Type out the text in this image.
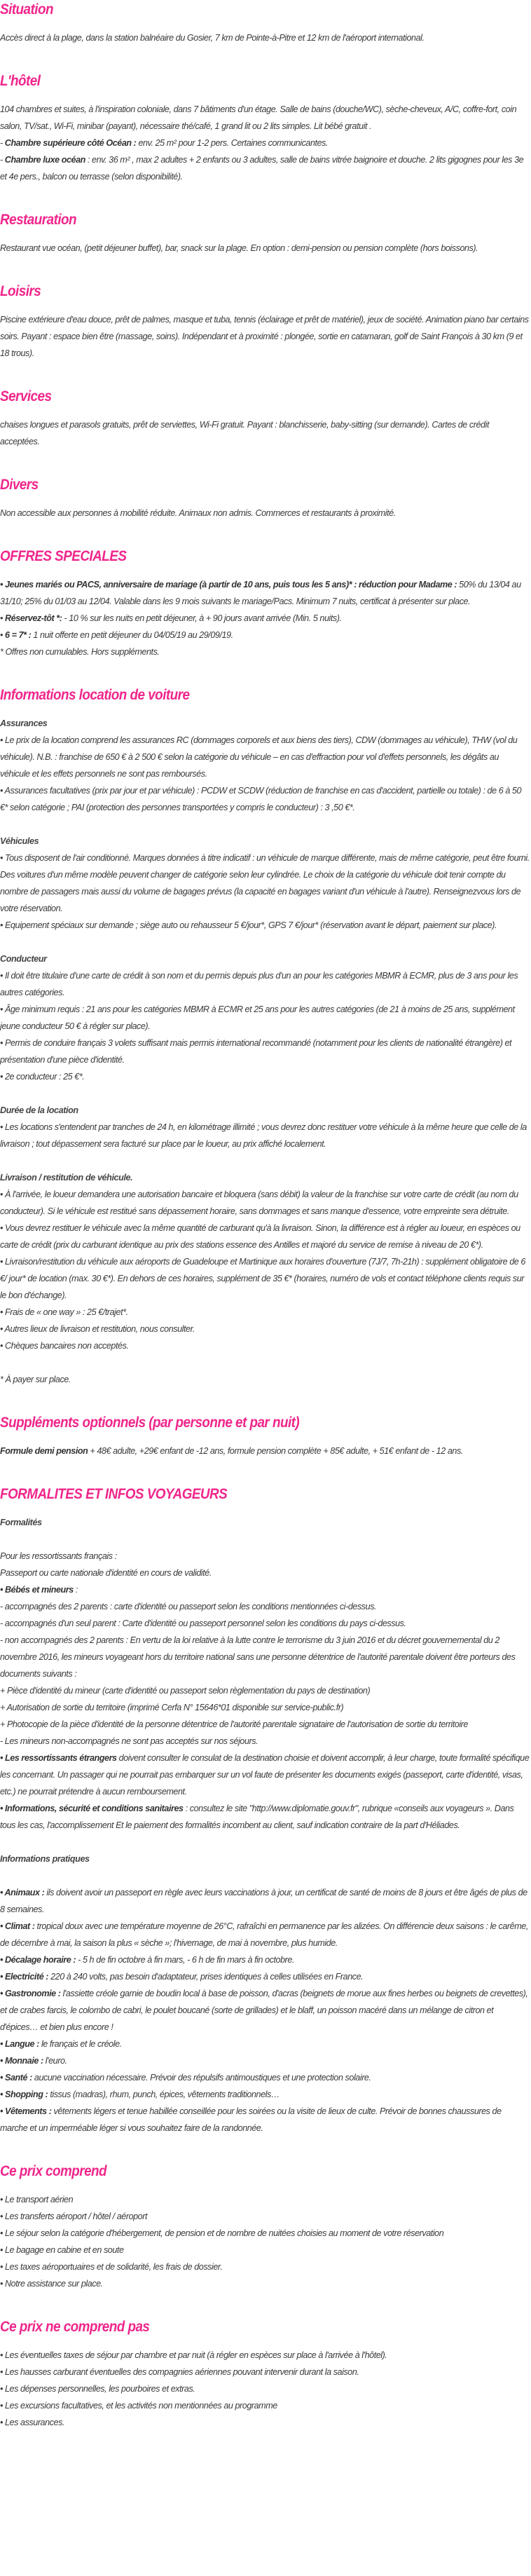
Situation

Accès direct à la plage, dans la station balnéaire du Gosier, 7 km de Pointe-à-Pitre et 12 km de l'aéroport international.

L'hôtel

104 chambres et suites, à l'inspiration coloniale, dans 7 bâtiments d'un étage. Salle de bains (douche/WC), sèche-cheveux, A/C, coffre-fort, coin salon, TV/sat., Wi-Fi, minibar (payant), nécessaire thé/café, 1 grand lit ou 2 lits simples. Lit bébé gratuit .

- Chambre supérieure côté Océan : env. 25 m² pour 1-2 pers. Certaines communicantes.

- Chambre luxe océan : env. 36 m² , max 2 adultes + 2 enfants ou 3 adultes, salle de bains vitrée baignoire et douche. 2 lits gigognes pour les 3e et 4e pers., balcon ou terrasse (selon disponibilité).

Restauration

Restaurant vue océan, (petit déjeuner buffet), bar, snack sur la plage. En option : demi-pension ou pension complète (hors boissons).

Loisirs

Piscine extérieure d'eau douce, prêt de palmes, masque et tuba, tennis (éclairage et prêt de matériel), jeux de société. Animation piano bar certains soirs. Payant : espace bien être (massage, soins). Indépendant et à proximité : plongée, sortie en catamaran, golf de Saint François à 30 km (9 et 18 trous).

Services

chaises longues et parasols gratuits, prêt de serviettes, Wi-Fi gratuit. Payant : blanchisserie, baby-sitting (sur demande). Cartes de crédit acceptées.

Divers

Non accessible aux personnes à mobilité réduite. Animaux non admis. Commerces et restaurants à proximité.

OFFRES SPECIALES

• Jeunes mariés ou PACS, anniversaire de mariage (à partir de 10 ans, puis tous les 5 ans)* : réduction pour Madame : 50% du 13/04 au 31/10; 25% du 01/03 au 12/04. Valable dans les 9 mois suivants le mariage/Pacs. Minimum 7 nuits, certificat à présenter sur place.

• Réservez-tôt *: - 10 % sur les nuits en petit déjeuner, à + 90 jours avant arrivée (Min. 5 nuits).

• 6 = 7* : 1 nuit offerte en petit déjeuner du 04/05/19 au 29/09/19.

* Offres non cumulables. Hors suppléments.

Informations location de voiture

Assurances

• Le prix de la location comprend les assurances RC (dommages corporels et aux biens des tiers), CDW (dommages au véhicule), THW (vol du véhicule). N.B. : franchise de 650 € à 2 500 € selon la catégorie du véhicule – en cas d'effraction pour vol d'effets personnels, les dégâts au véhicule et les effets personnels ne sont pas remboursés.

• Assurances facultatives (prix par jour et par véhicule) : PCDW et SCDW (réduction de franchise en cas d'accident, partielle ou totale) : de 6 à 50 €* selon catégorie ; PAI (protection des personnes transportées y compris le conducteur) : 3 ,50 €*.

Véhicules

• Tous disposent de l'air conditionné. Marques données à titre indicatif : un véhicule de marque différente, mais de même catégorie, peut être fourni. Des voitures d'un même modèle peuvent changer de catégorie selon leur cylindrée. Le choix de la catégorie du véhicule doit tenir compte du nombre de passagers mais aussi du volume de bagages prévus (la capacité en bagages variant d'un véhicule à l'autre). Renseignezvous lors de votre réservation.

• Equipement spéciaux sur demande ; siège auto ou rehausseur 5 €/jour*, GPS 7 €/jour* (réservation avant le départ, paiement sur place).

Conducteur

• Il doit être titulaire d'une carte de crédit à son nom et du permis depuis plus d'un an pour les catégories MBMR à ECMR, plus de 3 ans pour les autres catégories.

• Âge minimum requis : 21 ans pour les catégories MBMR à ECMR et 25 ans pour les autres catégories (de 21 à moins de 25 ans, supplément jeune conducteur 50 € à régler sur place).

• Permis de conduire français 3 volets suffisant mais permis international recommandé (notamment pour les clients de nationalité étrangère) et présentation d'une pièce d'identité.

• 2e conducteur : 25 €*.

Durée de la location

• Les locations s'entendent par tranches de 24 h, en kilométrage illimité ; vous devrez donc restituer votre véhicule à la même heure que celle de la livraison ; tout dépassement sera facturé sur place par le loueur, au prix affiché localement.

Livraison / restitution de véhicule.

• À l'arrivée, le loueur demandera une autorisation bancaire et bloquera (sans débit) la valeur de la franchise sur votre carte de crédit (au nom du conducteur). Si le véhicule est restitué sans dépassement horaire, sans dommages et sans manque d'essence, votre empreinte sera détruite.

• Vous devrez restituer le véhicule avec la même quantité de carburant qu'à la livraison. Sinon, la différence est à régler au loueur, en espèces ou carte de crédit (prix du carburant identique au prix des stations essence des Antilles et majoré du service de remise à niveau de 20 €*).

• Livraison/restitution du véhicule aux aéroports de Guadeloupe et Martinique aux horaires d'ouverture (7J/7, 7h-21h) : supplément obligatoire de 6 €/ jour* de location (max. 30 €*). En dehors de ces horaires, supplément de 35 €* (horaires, numéro de vols et contact téléphone clients requis sur le bon d'échange).

• Frais de « one way » : 25 €/trajet*.

• Autres lieux de livraison et restitution, nous consulter.

• Chèques bancaires non acceptés.

* À payer sur place.

Suppléments optionnels (par personne et par nuit)

Formule demi pension + 48€ adulte, +29€ enfant de -12 ans, formule pension complète + 85€ adulte, + 51€ enfant de - 12 ans.

FORMALITES ET INFOS VOYAGEURS

Formalités

Pour les ressortissants français :

Passeport ou carte nationale d'identité en cours de validité.

• Bébés et mineurs :

- accompagnés des 2 parents : carte d'identité ou passeport selon les conditions mentionnées ci-dessus.

- accompagnés d'un seul parent : Carte d'identité ou passeport personnel selon les conditions du pays ci-dessus.

- non accompagnés des 2 parents : En vertu de la loi relative à la lutte contre le terrorisme du 3 juin 2016 et du décret gouvernemental du 2 novembre 2016, les mineurs voyageant hors du territoire national sans une personne détentrice de l'autorité parentale doivent être porteurs des documents suivants :

+ Pièce d'identité du mineur (carte d'identité ou passeport selon règlementation du pays de destination)

+ Autorisation de sortie du territoire (imprimé Cerfa N° 15646*01 disponible sur service-public.fr)

+ Photocopie de la pièce d'identité de la personne détentrice de l'autorité parentale signataire de l'autorisation de sortie du territoire

- Les mineurs non-accompagnés ne sont pas acceptés sur nos séjours.

• Les ressortissants étrangers doivent consulter le consulat de la destination choisie et doivent accomplir, à leur charge, toute formalité spécifique les concernant. Un passager qui ne pourrait pas embarquer sur un vol faute de présenter les documents exigés (passeport, carte d'identité, visas, etc.) ne pourrait prétendre à aucun remboursement.

• Informations, sécurité et conditions sanitaires : consultez le site "http://www.diplomatie.gouv.fr", rubrique «conseils aux voyageurs ». Dans tous les cas, l'accomplissement Et le paiement des formalités incombent au client, sauf indication contraire de la part d'Héliades.

Informations pratiques

• Animaux : ils doivent avoir un passeport en règle avec leurs vaccinations à jour, un certificat de santé de moins de 8 jours et être âgés de plus de 8 semaines.

• Climat : tropical doux avec une température moyenne de 26°C, rafraîchi en permanence par les alizées. On différencie deux saisons : le carême, de décembre à mai, la saison la plus « sèche »; l'hivernage, de mai à novembre, plus humide.

• Décalage horaire : - 5 h de fin octobre à fin mars, - 6 h de fin mars à fin octobre.

• Electricité : 220 à 240 volts, pas besoin d'adaptateur, prises identiques à celles utilisées en France.

• Gastronomie : l'assiette créole garnie de boudin local à base de poisson, d'acras (beignets de morue aux fines herbes ou beignets de crevettes), et de crabes farcis, le colombo de cabri, le poulet boucané (sorte de grillades) et le blaff, un poisson macéré dans un mélange de citron et d'épices… et bien plus encore !

• Langue : le français et le créole.

• Monnaie : l'euro.

• Santé : aucune vaccination nécessaire. Prévoir des répulsifs antimoustiques et une protection solaire.

• Shopping : tissus (madras), rhum, punch, épices, vêtements traditionnels…

• Vêtements : vêtements légers et tenue habillée conseillée pour les soirées ou la visite de lieux de culte. Prévoir de bonnes chaussures de marche et un imperméable léger si vous souhaitez faire de la randonnée.

Ce prix comprend

• Le transport aérien

• Les transferts aéroport / hôtel / aéroport

• Le séjour selon la catégorie d'hébergement, de pension et de nombre de nuitées choisies au moment de votre réservation

• Le bagage en cabine et en soute

• Les taxes aéroportuaires et de solidarité, les frais de dossier.

• Notre assistance sur place.

Ce prix ne comprend pas

• Les éventuelles taxes de séjour par chambre et par nuit (à régler en espèces sur place à l'arrivée à l'hôtel).

• Les hausses carburant éventuelles des compagnies aériennes pouvant intervenir durant la saison.

• Les dépenses personnelles, les pourboires et extras.

• Les excursions facultatives, et les activités non mentionnées au programme

• Les assurances.
